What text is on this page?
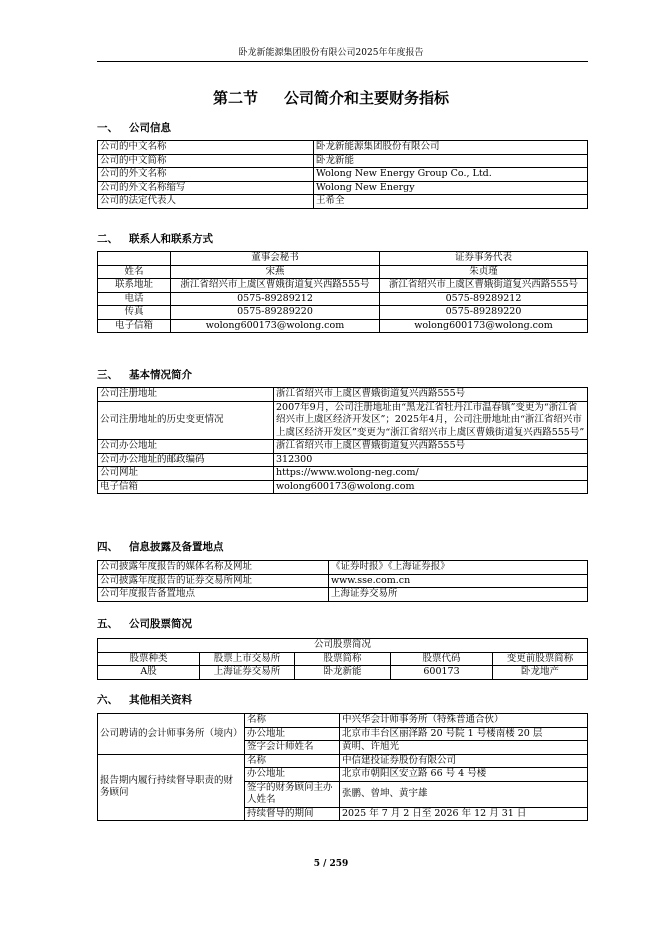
卧龙新能源集团股份有限公司2025年年度报告
第二节 公司简介和主要财务指标
一、 公司信息
公司的中文名称	卧龙新能源集团股份有限公司
公司的中文简称	卧龙新能
公司的外文名称	Wolong New Energy Group Co., Ltd.
公司的外文名称缩写	Wolong New Energy
公司的法定代表人	王希全
二、 联系人和联系方式
	董事会秘书	证券事务代表
姓名	宋燕	朱贞瑾
联系地址	浙江省绍兴市上虞区曹娥街道复兴西路555号	浙江省绍兴市上虞区曹娥街道复兴西路555号
电话	0575-89289212	0575-89289212
传真	0575-89289220	0575-89289220
电子信箱	wolong600173@wolong.com	wolong600173@wolong.com
三、 基本情况简介
公司注册地址	浙江省绍兴市上虞区曹娥街道复兴西路555号
公司注册地址的历史变更情况	2007年9月，公司注册地址由“黑龙江省牡丹江市温春镇”变更为“浙江省绍兴市上虞区经济开发区”；2025年4月，公司注册地址由“浙江省绍兴市上虞区经济开发区”变更为“浙江省绍兴市上虞区曹娥街道复兴西路555号”
公司办公地址	浙江省绍兴市上虞区曹娥街道复兴西路555号
公司办公地址的邮政编码	312300
公司网址	https://www.wolong-neg.com/
电子信箱	wolong600173@wolong.com
四、 信息披露及备置地点
公司披露年度报告的媒体名称及网址	《证券时报》《上海证券报》
公司披露年度报告的证券交易所网址	www.sse.com.cn
公司年度报告备置地点	上海证券交易所
五、 公司股票简况
公司股票简况				
股票种类	股票上市交易所	股票简称	股票代码	变更前股票简称
A股	上海证券交易所	卧龙新能	600173	卧龙地产
六、 其他相关资料
公司聘请的会计师事务所（境内）	名称	中兴华会计师事务所（特殊普通合伙）
	办公地址	北京市丰台区丽泽路 20 号院 1 号楼南楼 20 层
	签字会计师姓名	黄明、许旭光
报告期内履行持续督导职责的财务顾问	名称	中信建投证券股份有限公司
	办公地址	北京市朝阳区安立路 66 号 4 号楼
	签字的财务顾问主办人姓名	张鹏、曾坤、黄宇雄
	持续督导的期间	2025 年 7 月 2 日至 2026 年 12 月 31 日
5 / 259
